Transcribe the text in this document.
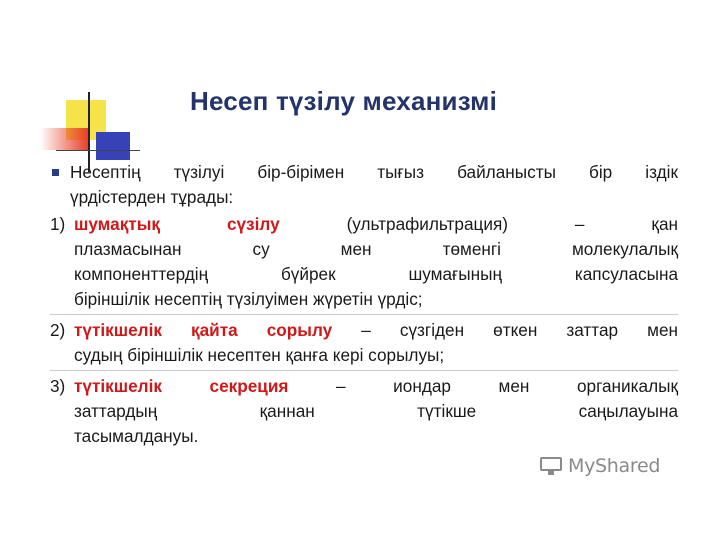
Несеп түзілу механизмі
Несептің түзілуі бір-бірімен тығыз байланысты бір іздік
үрдістерден тұрады:
1) шумақтық сүзілу	(ультрафильтрация) – қан
плазмасынан су мен төменгі молекулалық
компоненттердің бүйрек шумағының капсуласына
біріншілік несептің түзілуімен жүретін үрдіс;
2) түтікшелік қайта сорылу – сүзгіден өткен заттар мен
судың біріншілік несептен қанға кері сорылуы;
3) түтікшелік секреция	– иондар мен органикалық
заттардың қаннан түтікше саңылауына
тасымалдануы.
MyShared
